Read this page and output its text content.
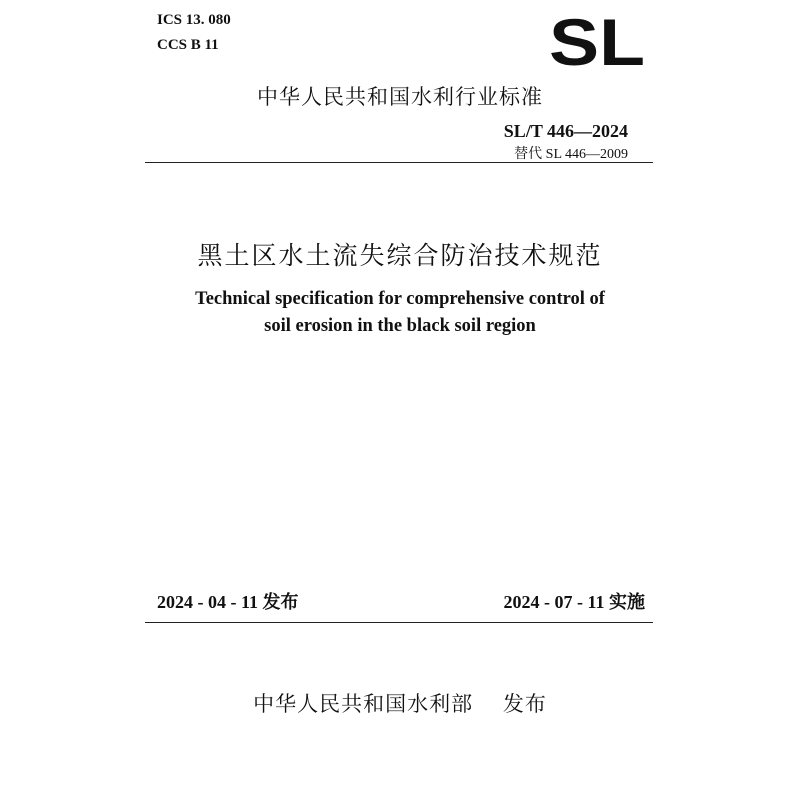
ICS 13. 080
CCS B 11	SL
中华人民共和国水利行业标准
SL/T 446—2024
替代 SL 446—2009
黑土区水土流失综合防治技术规范
Technical specification for comprehensive control of
soil erosion in the black soil region
2024 - 04 - 11 发布	2024 - 07 - 11 实施
中华人民共和国水利部 发布
